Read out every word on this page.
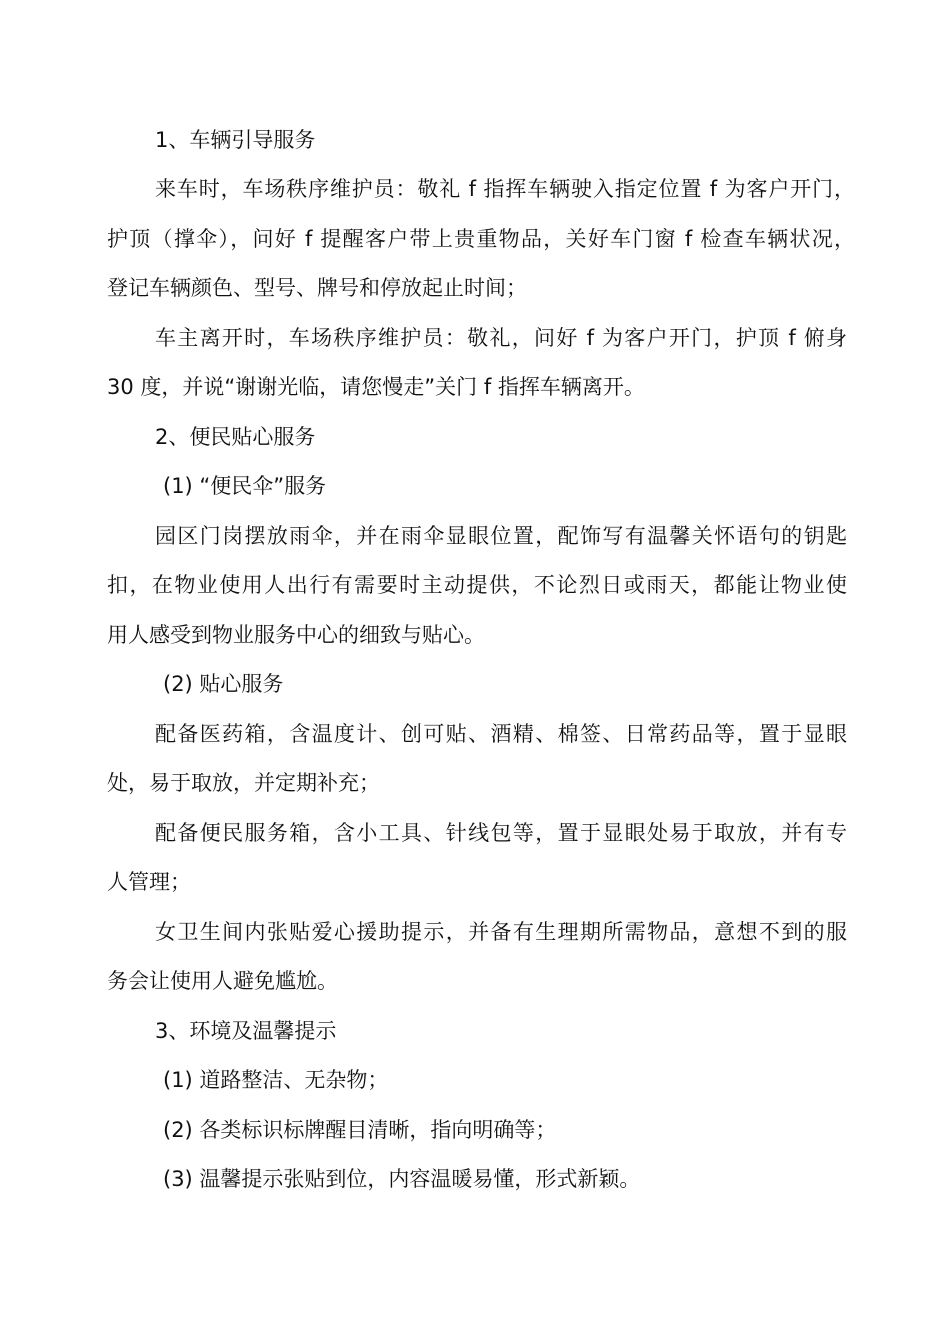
1、车辆引导服务
来车时，车场秩序维护员：敬礼 f 指挥车辆驶入指定位置 f 为客户开门，
护顶（撑伞），问好 f 提醒客户带上贵重物品，关好车门窗 f 检查车辆状况，
登记车辆颜色、型号、牌号和停放起止时间；
车主离开时，车场秩序维护员：敬礼，问好 f 为客户开门，护顶 f 俯身
30 度，并说“谢谢光临，请您慢走”关门 f 指挥车辆离开。
2、便民贴心服务
(1) “便民伞”服务
园区门岗摆放雨伞，并在雨伞显眼位置，配饰写有温馨关怀语句的钥匙
扣，在物业使用人出行有需要时主动提供，不论烈日或雨天，都能让物业使
用人感受到物业服务中心的细致与贴心。
(2) 贴心服务
配备医药箱，含温度计、创可贴、酒精、棉签、日常药品等，置于显眼
处，易于取放，并定期补充；
配备便民服务箱，含小工具、针线包等，置于显眼处易于取放，并有专
人管理；
女卫生间内张贴爱心援助提示，并备有生理期所需物品，意想不到的服
务会让使用人避免尴尬。
3、环境及温馨提示
(1) 道路整洁、无杂物；
(2) 各类标识标牌醒目清晰，指向明确等；
(3) 温馨提示张贴到位，内容温暖易懂，形式新颖。
